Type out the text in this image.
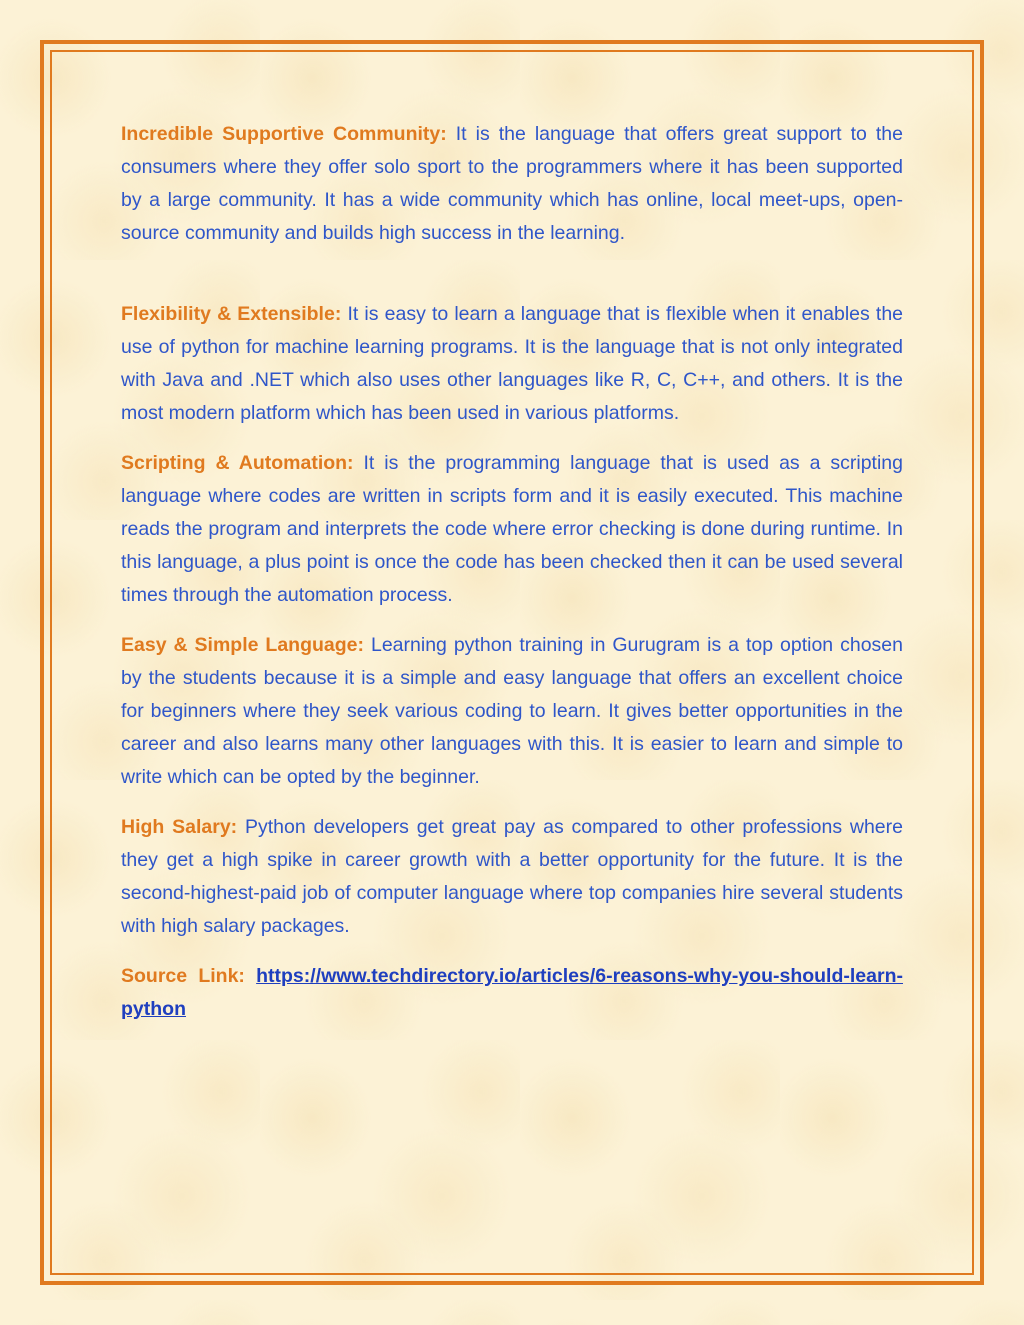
Incredible Supportive Community: It is the language that offers great support to the consumers where they offer solo sport to the programmers where it has been supported by a large community. It has a wide community which has online, local meet-ups, open-source community and builds high success in the learning.

Flexibility & Extensible: It is easy to learn a language that is flexible when it enables the use of python for machine learning programs. It is the language that is not only integrated with Java and .NET which also uses other languages like R, C, C++, and others. It is the most modern platform which has been used in various platforms.

Scripting & Automation: It is the programming language that is used as a scripting language where codes are written in scripts form and it is easily executed. This machine reads the program and interprets the code where error checking is done during runtime. In this language, a plus point is once the code has been checked then it can be used several times through the automation process.

Easy & Simple Language: Learning python training in Gurugram is a top option chosen by the students because it is a simple and easy language that offers an excellent choice for beginners where they seek various coding to learn. It gives better opportunities in the career and also learns many other languages with this. It is easier to learn and simple to write which can be opted by the beginner.

High Salary: Python developers get great pay as compared to other professions where they get a high spike in career growth with a better opportunity for the future. It is the second-highest-paid job of computer language where top companies hire several students with high salary packages.

Source Link: https://www.techdirectory.io/articles/6-reasons-why-you-should-learn-python
